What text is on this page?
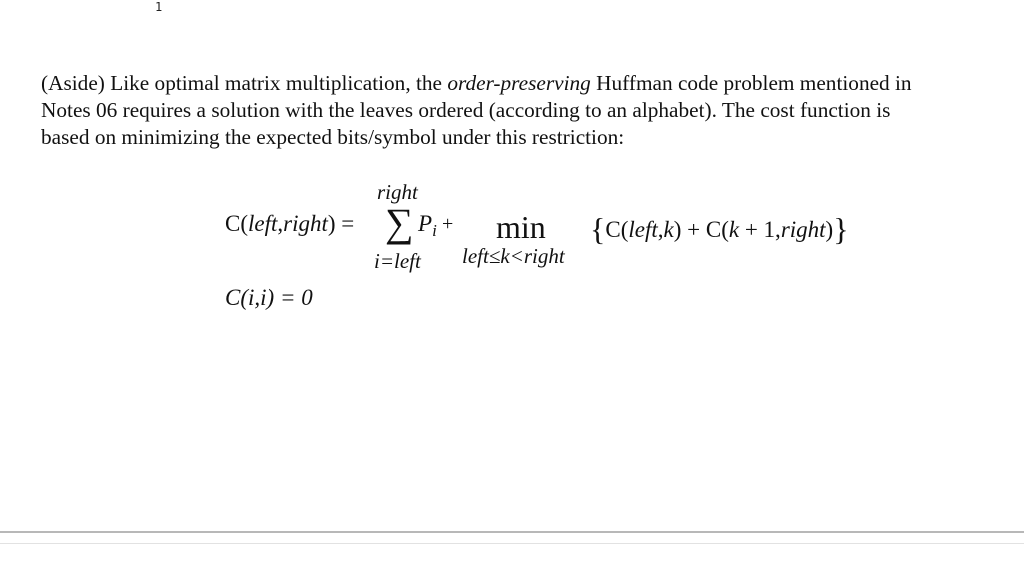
1

(Aside) Like optimal matrix multiplication, the order-preserving Huffman code problem mentioned in
Notes 06 requires a solution with the leaves ordered (according to an alphabet). The cost function is
based on minimizing the expected bits/symbol under this restriction:

C(left,right) =
right
∑
i=left
$P_i + \min$
left≤k<right
{C(left,k) + C(k + 1,right)}
C(i,i) = 0
